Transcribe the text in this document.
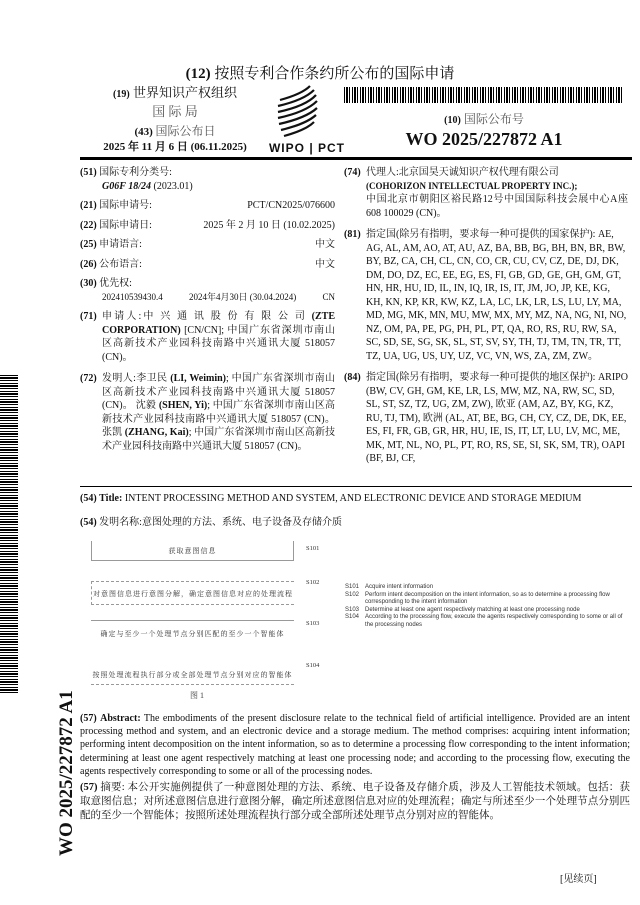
(12) 按照专利合作条约所公布的国际申请
(19) 世界知识产权组织
国 际 局
(43) 国际公布日
2025 年 11 月 6 日 (06.11.2025)	WIPO | PCT
(10) 国际公布号
WO 2025/227872 A1
(51) 国际专利分类号:
G06F 18/24 (2023.01)
(21) 国际申请号:	PCT/CN2025/076600
(22) 国际申请日:	2025 年 2 月 10 日 (10.02.2025)
(25) 申请语言:	中文
(26) 公布语言:	中文
(30) 优先权:
202410539430.4	2024年4月30日 (30.04.2024)	CN
(71) 申请人:中 兴 通 讯 股 份 有 限 公 司 (ZTE CORPORATION) [CN/CN]; 中国广东省深圳市南山区高新技术产业园科技南路中兴通讯大厦 518057 (CN)。
(72) 发明人:李卫民 (LI, Weimin); 中国广东省深圳市南山区高新技术产业园科技南路中兴通讯大厦 518057 (CN)。 沈毅 (SHEN, Yi); 中国广东省深圳市南山区高新技术产业园科技南路中兴通讯大厦 518057 (CN)。 张凯 (ZHANG, Kai); 中国广东省深圳市南山区高新技术产业园科技南路中兴通讯大厦 518057 (CN)。
(74) 代理人:北京国昊天诚知识产权代理有限公司
(COHORIZON INTELLECTUAL PROPERTY INC.);
中国北京市朝阳区裕民路12号中国国际科技会展中心A座608 100029 (CN)。
(81) 指定国(除另有指明，要求每一种可提供的国家保护): AE, AG, AL, AM, AO, AT, AU, AZ, BA, BB, BG, BH, BN, BR, BW, BY, BZ, CA, CH, CL, CN, CO, CR, CU, CV, CZ, DE, DJ, DK, DM, DO, DZ, EC, EE, EG, ES, FI, GB, GD, GE, GH, GM, GT, HN, HR, HU, ID, IL, IN, IQ, IR, IS, IT, JM, JO, JP, KE, KG, KH, KN, KP, KR, KW, KZ, LA, LC, LK, LR, LS, LU, LY, MA, MD, MG, MK, MN, MU, MW, MX, MY, MZ, NA, NG, NI, NO, NZ, OM, PA, PE, PG, PH, PL, PT, QA, RO, RS, RU, RW, SA, SC, SD, SE, SG, SK, SL, ST, SV, SY, TH, TJ, TM, TN, TR, TT, TZ, UA, UG, US, UY, UZ, VC, VN, WS, ZA, ZM, ZW。
(84) 指定国(除另有指明，要求每一种可提供的地区保护): ARIPO (BW, CV, GH, GM, KE, LR, LS, MW, MZ, NA, RW, SC, SD, SL, ST, SZ, TZ, UG, ZM, ZW), 欧亚 (AM, AZ, BY, KG, KZ, RU, TJ, TM), 欧洲 (AL, AT, BE, BG, CH, CY, CZ, DE, DK, EE, ES, FI, FR, GB, GR, HR, HU, IE, IS, IT, LT, LU, LV, MC, ME, MK, MT, NL, NO, PL, PT, RO, RS, SE, SI, SK, SM, TR), OAPI (BF, BJ, CF,
(54) Title: INTENT PROCESSING METHOD AND SYSTEM, AND ELECTRONIC DEVICE AND STORAGE MEDIUM
(54) 发明名称:意图处理的方法、系统、电子设备及存储介质
获取意图信息
对意图信息进行意图分解，确定意图信息对应的处理流程
确定与至少一个处理节点分别匹配的至少一个智能体
按照处理流程执行部分或全部处理节点分别对应的智能体
S101
S102
S103
S104
图 1
S101 Acquire intent information
S102 Perform intent decomposition on the intent information, so as to determine a processing flow corresponding to the intent information
S103 Determine at least one agent respectively matching at least one processing node
S104 According to the processing flow, execute the agents respectively corresponding to some or all of the processing nodes
(57) Abstract: The embodiments of the present disclosure relate to the technical field of artificial intelligence. Provided are an intent processing method and system, and an electronic device and a storage medium. The method comprises: acquiring intent information; performing intent decomposition on the intent information, so as to determine a processing flow corresponding to the intent information; determining at least one agent respectively matching at least one processing node; and according to the processing flow, executing the agents respectively corresponding to some or all of the processing nodes.
(57) 摘要: 本公开实施例提供了一种意图处理的方法、系统、电子设备及存储介质，涉及人工智能技术领域。包括：获取意图信息；对所述意图信息进行意图分解，确定所述意图信息对应的处理流程；确定与所述至少一个处理节点分别匹配的至少一个智能体；按照所述处理流程执行部分或全部所述处理节点分别对应的智能体。
WO 2025/227872 A1
[见续页]
